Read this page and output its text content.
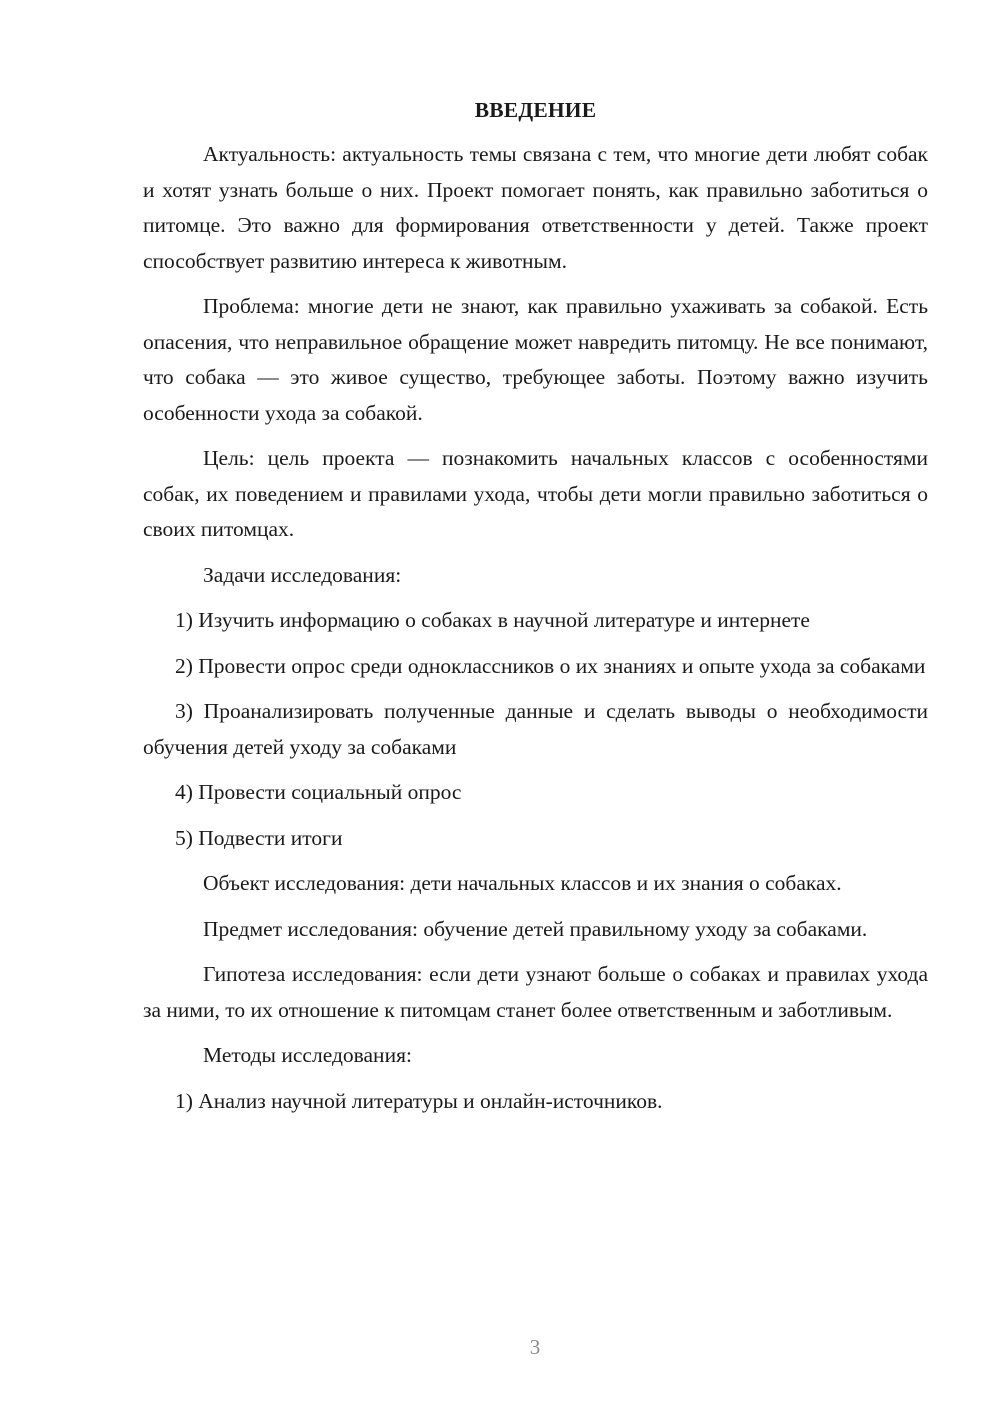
ВВЕДЕНИЕ

Актуальность: актуальность темы связана с тем, что многие дети любят собак и хотят узнать больше о них. Проект помогает понять, как правильно заботиться о питомце. Это важно для формирования ответственности у детей. Также проект способствует развитию интереса к животным.

Проблема: многие дети не знают, как правильно ухаживать за собакой. Есть опасения, что неправильное обращение может навредить питомцу. Не все понимают, что собака — это живое существо, требующее заботы. Поэтому важно изучить особенности ухода за собакой.

Цель: цель проекта — познакомить начальных классов с особенностями собак, их поведением и правилами ухода, чтобы дети могли правильно заботиться о своих питомцах.

Задачи исследования:

1) Изучить информацию о собаках в научной литературе и интернете

2) Провести опрос среди одноклассников о их знаниях и опыте ухода за собаками

3) Проанализировать полученные данные и сделать выводы о необходимости обучения детей уходу за собаками

4) Провести социальный опрос

5) Подвести итоги

Объект исследования: дети начальных классов и их знания о собаках.

Предмет исследования: обучение детей правильному уходу за собаками.

Гипотеза исследования: если дети узнают больше о собаках и правилах ухода за ними, то их отношение к питомцам станет более ответственным и заботливым.

Методы исследования:

1) Анализ научной литературы и онлайн-источников.

3
